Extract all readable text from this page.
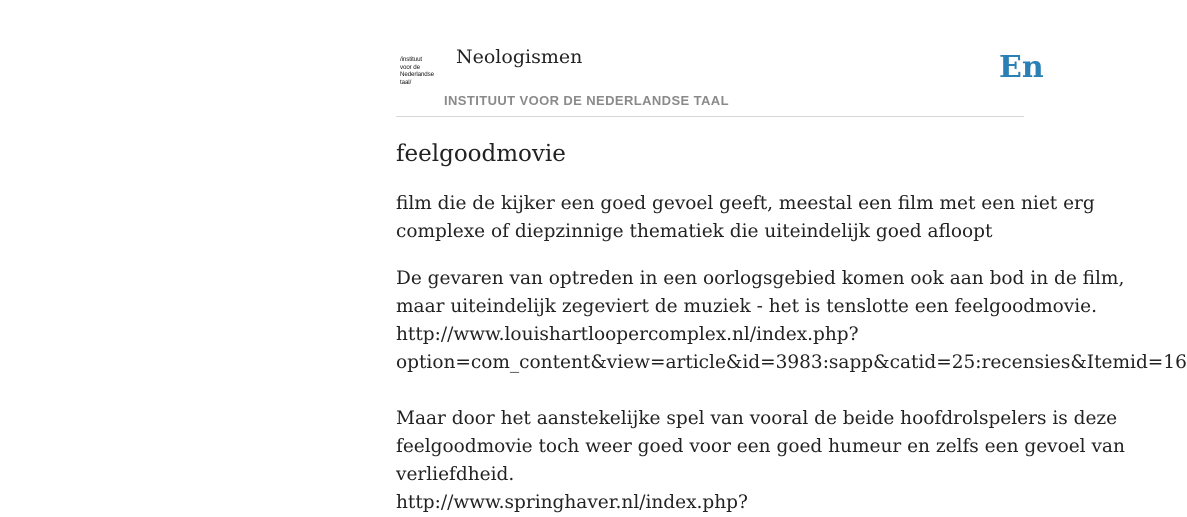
/instituut
voor de
Nederlandse
taal/
Neologismen
INSTITUUT VOOR DE NEDERLANDSE TAAL
En
feelgoodmovie

film die de kijker een goed gevoel geeft, meestal een film met een niet erg
complexe of diepzinnige thematiek die uiteindelijk goed afloopt

De gevaren van optreden in een oorlogsgebied komen ook aan bod in de film,
maar uiteindelijk zegeviert de muziek - het is tenslotte een feelgoodmovie.
http://www.louishartloopercomplex.nl/index.php?
option=com_content&view=article&id=3983:sapp&catid=25:recensies&Itemid=16

Maar door het aanstekelijke spel van vooral de beide hoofdrolspelers is deze
feelgoodmovie toch weer goed voor een goed humeur en zelfs een gevoel van
verliefdheid.
http://www.springhaver.nl/index.php?
